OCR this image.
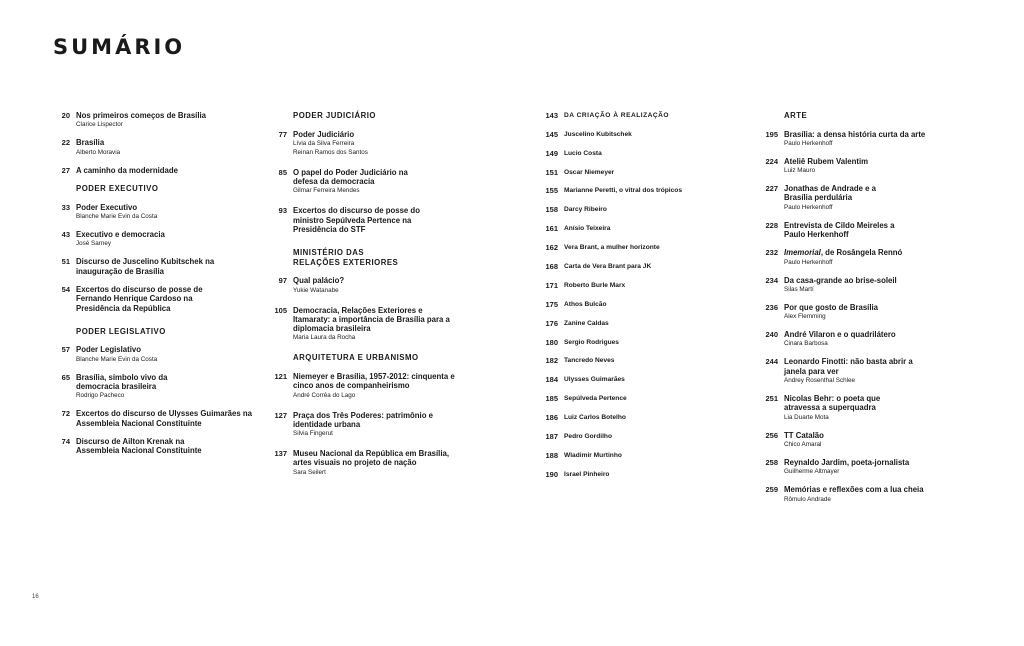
SUMÁRIO
20 Nos primeiros começos de Brasília
Clarice Lispector
22 Brasília
Alberto Moravia
27 A caminho da modernidade
PODER EXECUTIVO
33 Poder Executivo
Blanche Marie Evin da Costa
43 Executivo e democracia
José Sarney
51 Discurso de Juscelino Kubitschek na inauguração de Brasília
54 Excertos do discurso de posse de Fernando Henrique Cardoso na Presidência da República
PODER LEGISLATIVO
57 Poder Legislativo
Blanche Marie Evin da Costa
65 Brasília, símbolo vivo da democracia brasileira
Rodrigo Pacheco
72 Excertos do discurso de Ulysses Guimarães na Assembleia Nacional Constituinte
74 Discurso de Ailton Krenak na Assembleia Nacional Constituinte
PODER JUDICIÁRIO
77 Poder Judiciário
Lívia da Silva Ferreira
Reinan Ramos dos Santos
85 O papel do Poder Judiciário na defesa da democracia
Gilmar Ferreira Mendes
93 Excertos do discurso de posse do ministro Sepúlveda Pertence na Presidência do STF
MINISTÉRIO DAS RELAÇÕES EXTERIORES
97 Qual palácio?
Yukie Watanabe
105 Democracia, Relações Exteriores e Itamaraty: a importância de Brasília para a diplomacia brasileira
Maria Laura da Rocha
ARQUITETURA E URBANISMO
121 Niemeyer e Brasília, 1957-2012: cinquenta e cinco anos de companheirismo
André Corrêa do Lago
127 Praça dos Três Poderes: patrimônio e identidade urbana
Silvia Fingerut
137 Museu Nacional da República em Brasília, artes visuais no projeto de nação
Sara Seilert
143 DA CRIAÇÃO À REALIZAÇÃO
145 Juscelino Kubitschek
149 Lucio Costa
151 Oscar Niemeyer
155 Marianne Peretti, o vitral dos trópicos
158 Darcy Ribeiro
161 Anísio Teixeira
162 Vera Brant, a mulher horizonte
168 Carta de Vera Brant para JK
171 Roberto Burle Marx
175 Athos Bulcão
176 Zanine Caldas
180 Sergio Rodrigues
182 Tancredo Neves
184 Ulysses Guimarães
185 Sepúlveda Pertence
186 Luiz Carlos Botelho
187 Pedro Gordilho
188 Wladimir Murtinho
190 Israel Pinheiro
ARTE
195 Brasília: a densa história curta da arte
Paulo Herkenhoff
224 Ateliê Rubem Valentim
Luiz Mauro
227 Jonathas de Andrade e a Brasília perdulária
Paulo Herkenhoff
228 Entrevista de Cildo Meireles a Paulo Herkenhoff
232 Imemorial, de Rosângela Rennó
Paulo Herkenhoff
234 Da casa-grande ao brise-soleil
Silas Martí
236 Por que gosto de Brasília
Alex Flemming
240 André Vilaron e o quadrilátero
Cinara Barbosa
244 Leonardo Finotti: não basta abrir a janela para ver
Andrey Rosenthal Schlee
251 Nicolas Behr: o poeta que atravessa a superquadra
Lia Duarte Mota
256 TT Catalão
Chico Amaral
258 Reynaldo Jardim, poeta-jornalista
Guilherme Altmayer
259 Memórias e reflexões com a lua cheia
Rômulo Andrade
16
